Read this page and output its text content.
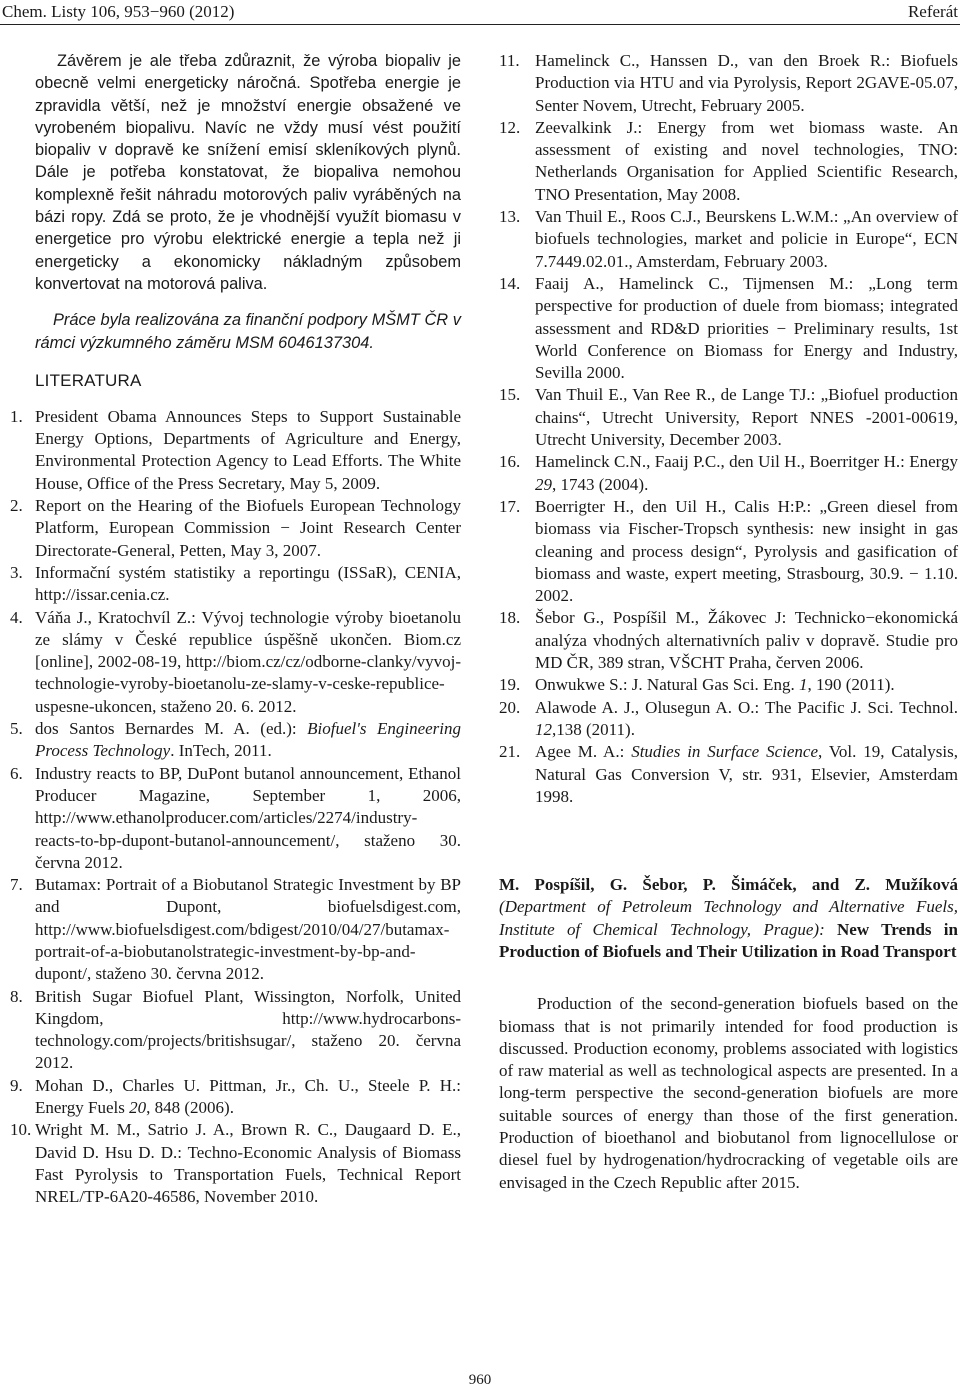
Chem. Listy 106, 953−960 (2012)	Referát

Závěrem je ale třeba zdůraznit, že výroba biopaliv je obecně velmi energeticky náročná. Spotřeba energie je zpravidla větší, než je množství energie obsažené ve vyrobeném biopalivu. Navíc ne vždy musí vést použití biopaliv v dopravě ke snížení emisí skleníkových plynů. Dále je potřeba konstatovat, že biopaliva nemohou komplexně řešit náhradu motorových paliv vyráběných na bázi ropy. Zdá se proto, že je vhodnější využít biomasu v energetice pro výrobu elektrické energie a tepla než ji energeticky a ekonomicky nákladným způsobem konvertovat na motorová paliva.

Práce byla realizována za finanční podpory MŠMT ČR v rámci výzkumného záměru MSM 6046137304.

LITERATURA
1. President Obama Announces Steps to Support Sustainable Energy Options, Departments of Agriculture and Energy, Environmental Protection Agency to Lead Efforts. The White House, Office of the Press Secretary, May 5, 2009.
2. Report on the Hearing of the Biofuels European Technology Platform, European Commission − Joint Research Center Directorate-General, Petten, May 3, 2007.
3. Informační systém statistiky a reportingu (ISSaR), CENIA, http://issar.cenia.cz.
4. Váňa J., Kratochvíl Z.: Vývoj technologie výroby bioetanolu ze slámy v České republice úspěšně ukončen. Biom.cz [online], 2002-08-19, http://biom.cz/cz/odborne-clanky/vyvoj-technologie-vyroby-bioetanolu-ze-slamy-v-ceske-republice-uspesne-ukoncen, staženo 20. 6. 2012.
5. dos Santos Bernardes M. A. (ed.): Biofuel's Engineering Process Technology. InTech, 2011.
6. Industry reacts to BP, DuPont butanol announcement, Ethanol Producer Magazine, September 1, 2006, http://www.ethanolproducer.com/articles/2274/industry-reacts-to-bp-dupont-butanol-announcement/, staženo 30. června 2012.
7. Butamax: Portrait of a Biobutanol Strategic Investment by BP and Dupont, biofuelsdigest.com, http://www.biofuelsdigest.com/bdigest/2010/04/27/butamax-portrait-of-a-biobutanolstrategic-investment-by-bp-and-dupont/, staženo 30. června 2012.
8. British Sugar Biofuel Plant, Wissington, Norfolk, United Kingdom, http://www.hydrocarbons-technology.com/projects/britishsugar/, staženo 20. června 2012.
9. Mohan D., Charles U. Pittman, Jr., Ch. U., Steele P. H.: Energy Fuels 20, 848 (2006).
10. Wright M. M., Satrio J. A., Brown R. C., Daugaard D. E., David D. Hsu D. D.: Techno-Economic Analysis of Biomass Fast Pyrolysis to Transportation Fuels, Technical Report NREL/TP-6A20-46586, November 2010.
11. Hamelinck C., Hanssen D., van den Broek R.: Biofuels Production via HTU and via Pyrolysis, Report 2GAVE-05.07, Senter Novem, Utrecht, February 2005.
12. Zeevalkink J.: Energy from wet biomass waste. An assessment of existing and novel technologies, TNO: Netherlands Organisation for Applied Scientific Research, TNO Presentation, May 2008.
13. Van Thuil E., Roos C.J., Beurskens L.W.M.: „An overview of biofuels technologies, market and policie in Europe“, ECN 7.7449.02.01., Amsterdam, February 2003.
14. Faaij A., Hamelinck C., Tijmensen M.: „Long term perspective for production of duele from biomass; integrated assessment and RD&D priorities − Preliminary results, 1st World Conference on Biomass for Energy and Industry, Sevilla 2000.
15. Van Thuil E., Van Ree R., de Lange TJ.: „Biofuel production chains“, Utrecht University, Report NNES -2001-00619, Utrecht University, December 2003.
16. Hamelinck C.N., Faaij P.C., den Uil H., Boerritger H.: Energy 29, 1743 (2004).
17. Boerrigter H., den Uil H., Calis H:P.: „Green diesel from biomass via Fischer-Tropsch synthesis: new insight in gas cleaning and process design“, Pyrolysis and gasification of biomass and waste, expert meeting, Strasbourg, 30.9. − 1.10. 2002.
18. Šebor G., Pospíšil M., Žákovec J: Technicko−ekonomická analýza vhodných alternativních paliv v dopravě. Studie pro MD ČR, 389 stran, VŠCHT Praha, červen 2006.
19. Onwukwe S.: J. Natural Gas Sci. Eng. 1, 190 (2011).
20. Alawode A. J., Olusegun A. O.: The Pacific J. Sci. Technol. 12,138 (2011).
21. Agee M. A.: Studies in Surface Science, Vol. 19, Catalysis, Natural Gas Conversion V, str. 931, Elsevier, Amsterdam 1998.

M. Pospíšil, G. Šebor, P. Šimáček, and Z. Mužíková (Department of Petroleum Technology and Alternative Fuels, Institute of Chemical Technology, Prague): New Trends in Production of Biofuels and Their Utilization in Road Transport

Production of the second-generation biofuels based on the biomass that is not primarily intended for food production is discussed. Production economy, problems associated with logistics of raw material as well as technological aspects are presented. In a long-term perspective the second-generation biofuels are more suitable sources of energy than those of the first generation. Production of bioethanol and biobutanol from lignocellulose or diesel fuel by hydrogenation/hydrocracking of vegetable oils are envisaged in the Czech Republic after 2015.

960
